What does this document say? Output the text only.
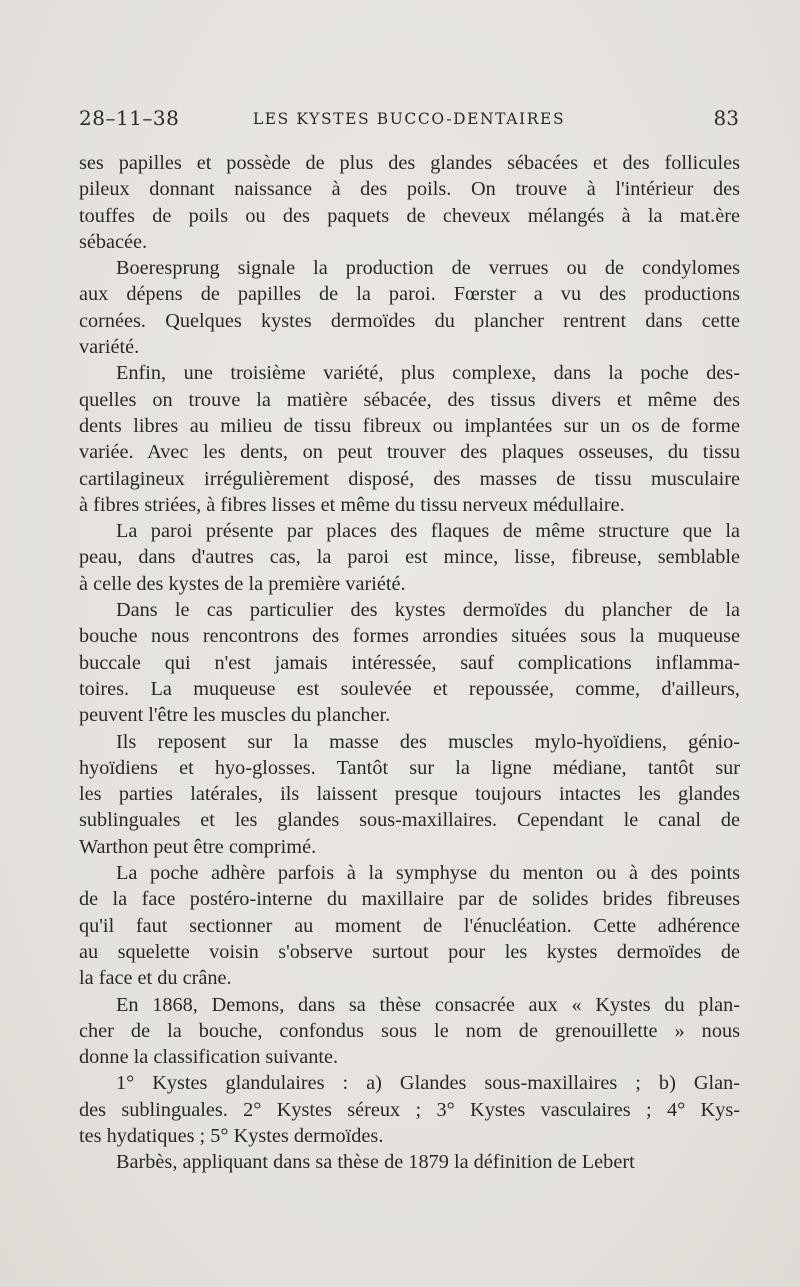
28–11–38	LES KYSTES BUCCO-DENTAIRES	83

ses papilles et possède de plus des glandes sébacées et des follicules
pileux donnant naissance à des poils. On trouve à l'intérieur des
touffes de poils ou des paquets de cheveux mélangés à la mat.ère
sébacée.

Boeresprung signale la production de verrues ou de condylomes
aux dépens de papilles de la paroi. Fœrster a vu des productions
cornées. Quelques kystes dermoïdes du plancher rentrent dans cette
variété.

Enfin, une troisième variété, plus complexe, dans la poche des-
quelles on trouve la matière sébacée, des tissus divers et même des
dents libres au milieu de tissu fibreux ou implantées sur un os de forme
variée. Avec les dents, on peut trouver des plaques osseuses, du tissu
cartilagineux irrégulièrement disposé, des masses de tissu musculaire
à fibres striées, à fibres lisses et même du tissu nerveux médullaire.

La paroi présente par places des flaques de même structure que la
peau, dans d'autres cas, la paroi est mince, lisse, fibreuse, semblable
à celle des kystes de la première variété.

Dans le cas particulier des kystes dermoïdes du plancher de la
bouche nous rencontrons des formes arrondies situées sous la muqueuse
buccale qui n'est jamais intéressée, sauf complications inflamma-
toires. La muqueuse est soulevée et repoussée, comme, d'ailleurs,
peuvent l'être les muscles du plancher.

Ils reposent sur la masse des muscles mylo-hyoïdiens, génio-
hyoïdiens et hyo-glosses. Tantôt sur la ligne médiane, tantôt sur
les parties latérales, ils laissent presque toujours intactes les glandes
sublinguales et les glandes sous-maxillaires. Cependant le canal de
Warthon peut être comprimé.

La poche adhère parfois à la symphyse du menton ou à des points
de la face postéro-interne du maxillaire par de solides brides fibreuses
qu'il faut sectionner au moment de l'énucléation. Cette adhérence
au squelette voisin s'observe surtout pour les kystes dermoïdes de
la face et du crâne.

En 1868, Demons, dans sa thèse consacrée aux « Kystes du plan-
cher de la bouche, confondus sous le nom de grenouillette » nous
donne la classification suivante.

1° Kystes glandulaires : a) Glandes sous-maxillaires ; b) Glan-
des sublinguales. 2° Kystes séreux ; 3° Kystes vasculaires ; 4° Kys-
tes hydatiques ; 5° Kystes dermoïdes.

Barbès, appliquant dans sa thèse de 1879 la définition de Lebert
